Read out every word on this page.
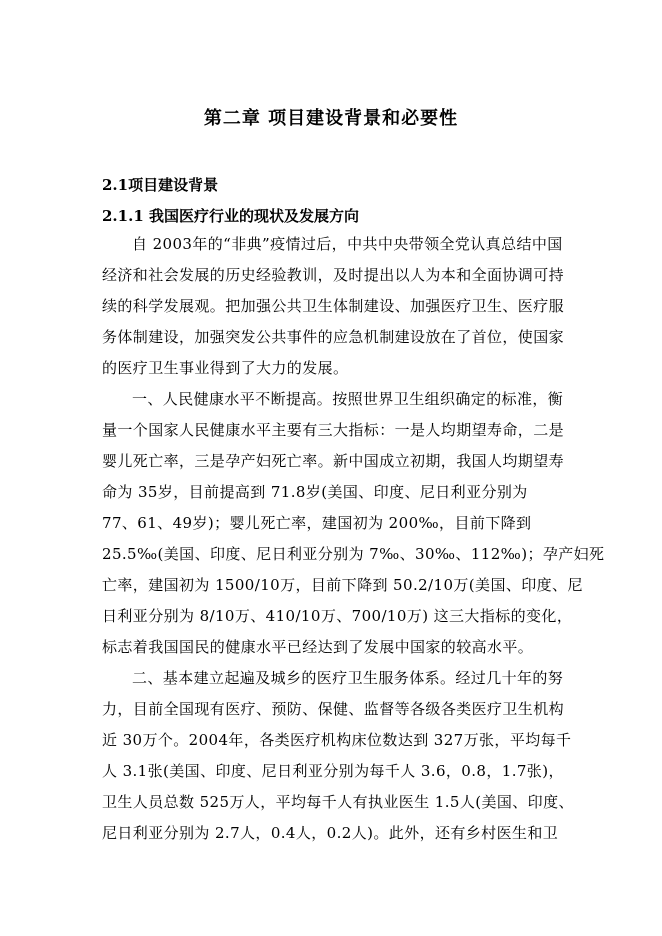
第二章 项目建设背景和必要性
2.1项目建设背景
2.1.1 我国医疗行业的现状及发展方向
自 2003年的“非典”疫情过后，中共中央带领全党认真总结中国
经济和社会发展的历史经验教训，及时提出以人为本和全面协调可持
续的科学发展观。把加强公共卫生体制建设、加强医疗卫生、医疗服
务体制建设，加强突发公共事件的应急机制建设放在了首位，使国家
的医疗卫生事业得到了大力的发展。
一、人民健康水平不断提高。按照世界卫生组织确定的标准，衡
量一个国家人民健康水平主要有三大指标：一是人均期望寿命，二是
婴儿死亡率，三是孕产妇死亡率。新中国成立初期，我国人均期望寿
命为 35岁，目前提高到 71.8岁(美国、印度、尼日利亚分别为
77、61、49岁)；婴儿死亡率，建国初为 200‰，目前下降到
25.5‰(美国、印度、尼日利亚分别为 7‰、30‰、112‰)；孕产妇死
亡率，建国初为 1500/10万，目前下降到 50.2/10万(美国、印度、尼
日利亚分别为 8/10万、410/10万、700/10万) 这三大指标的变化，
标志着我国国民的健康水平已经达到了发展中国家的较高水平。
二、基本建立起遍及城乡的医疗卫生服务体系。经过几十年的努
力，目前全国现有医疗、预防、保健、监督等各级各类医疗卫生机构
近 30万个。2004年，各类医疗机构床位数达到 327万张，平均每千
人 3.1张(美国、印度、尼日利亚分别为每千人 3.6，0.8，1.7张)，
卫生人员总数 525万人，平均每千人有执业医生 1.5人(美国、印度、
尼日利亚分别为 2.7人，0.4人，0.2人)。此外，还有乡村医生和卫
